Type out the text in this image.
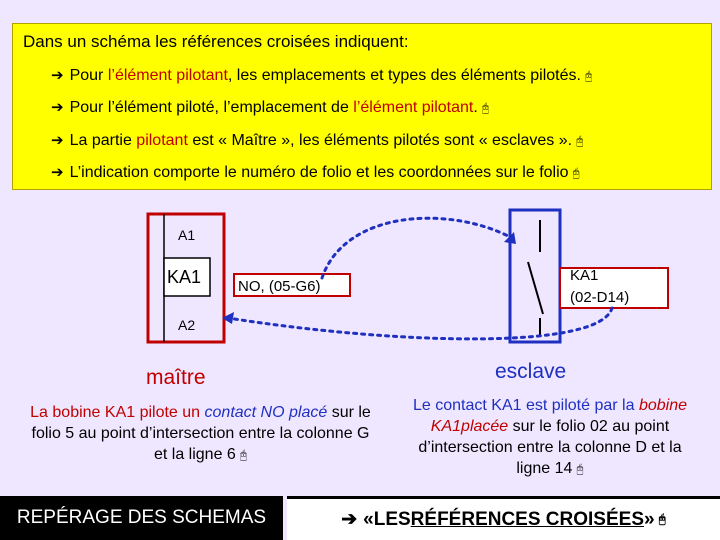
Dans un schéma les références croisées indiquent:
➔ Pour l’élément pilotant, les emplacements et types des éléments pilotés. 🖰
➔ Pour l’élément piloté, l’emplacement de l’élément pilotant. 🖰
➔ La partie pilotant est « Maître », les éléments pilotés sont « esclaves ». 🖰
➔ L’indication comporte le numéro de folio et les coordonnées sur le folio 🖰
A1
KA1
A2
NO, (05-G6)
KA1
(02-D14)
maître	esclave
La bobine KA1 pilote un contact NO placé sur le folio 5 au point d’intersection entre la colonne G et la ligne 6 🖰
Le contact KA1 est piloté par la bobine KA1placée sur le folio 02 au point d’intersection entre la colonne D et la ligne 14 🖰
REPÉRAGE DES SCHEMAS	➔ «LES RÉFÉRENCES CROISÉES » 🖰
